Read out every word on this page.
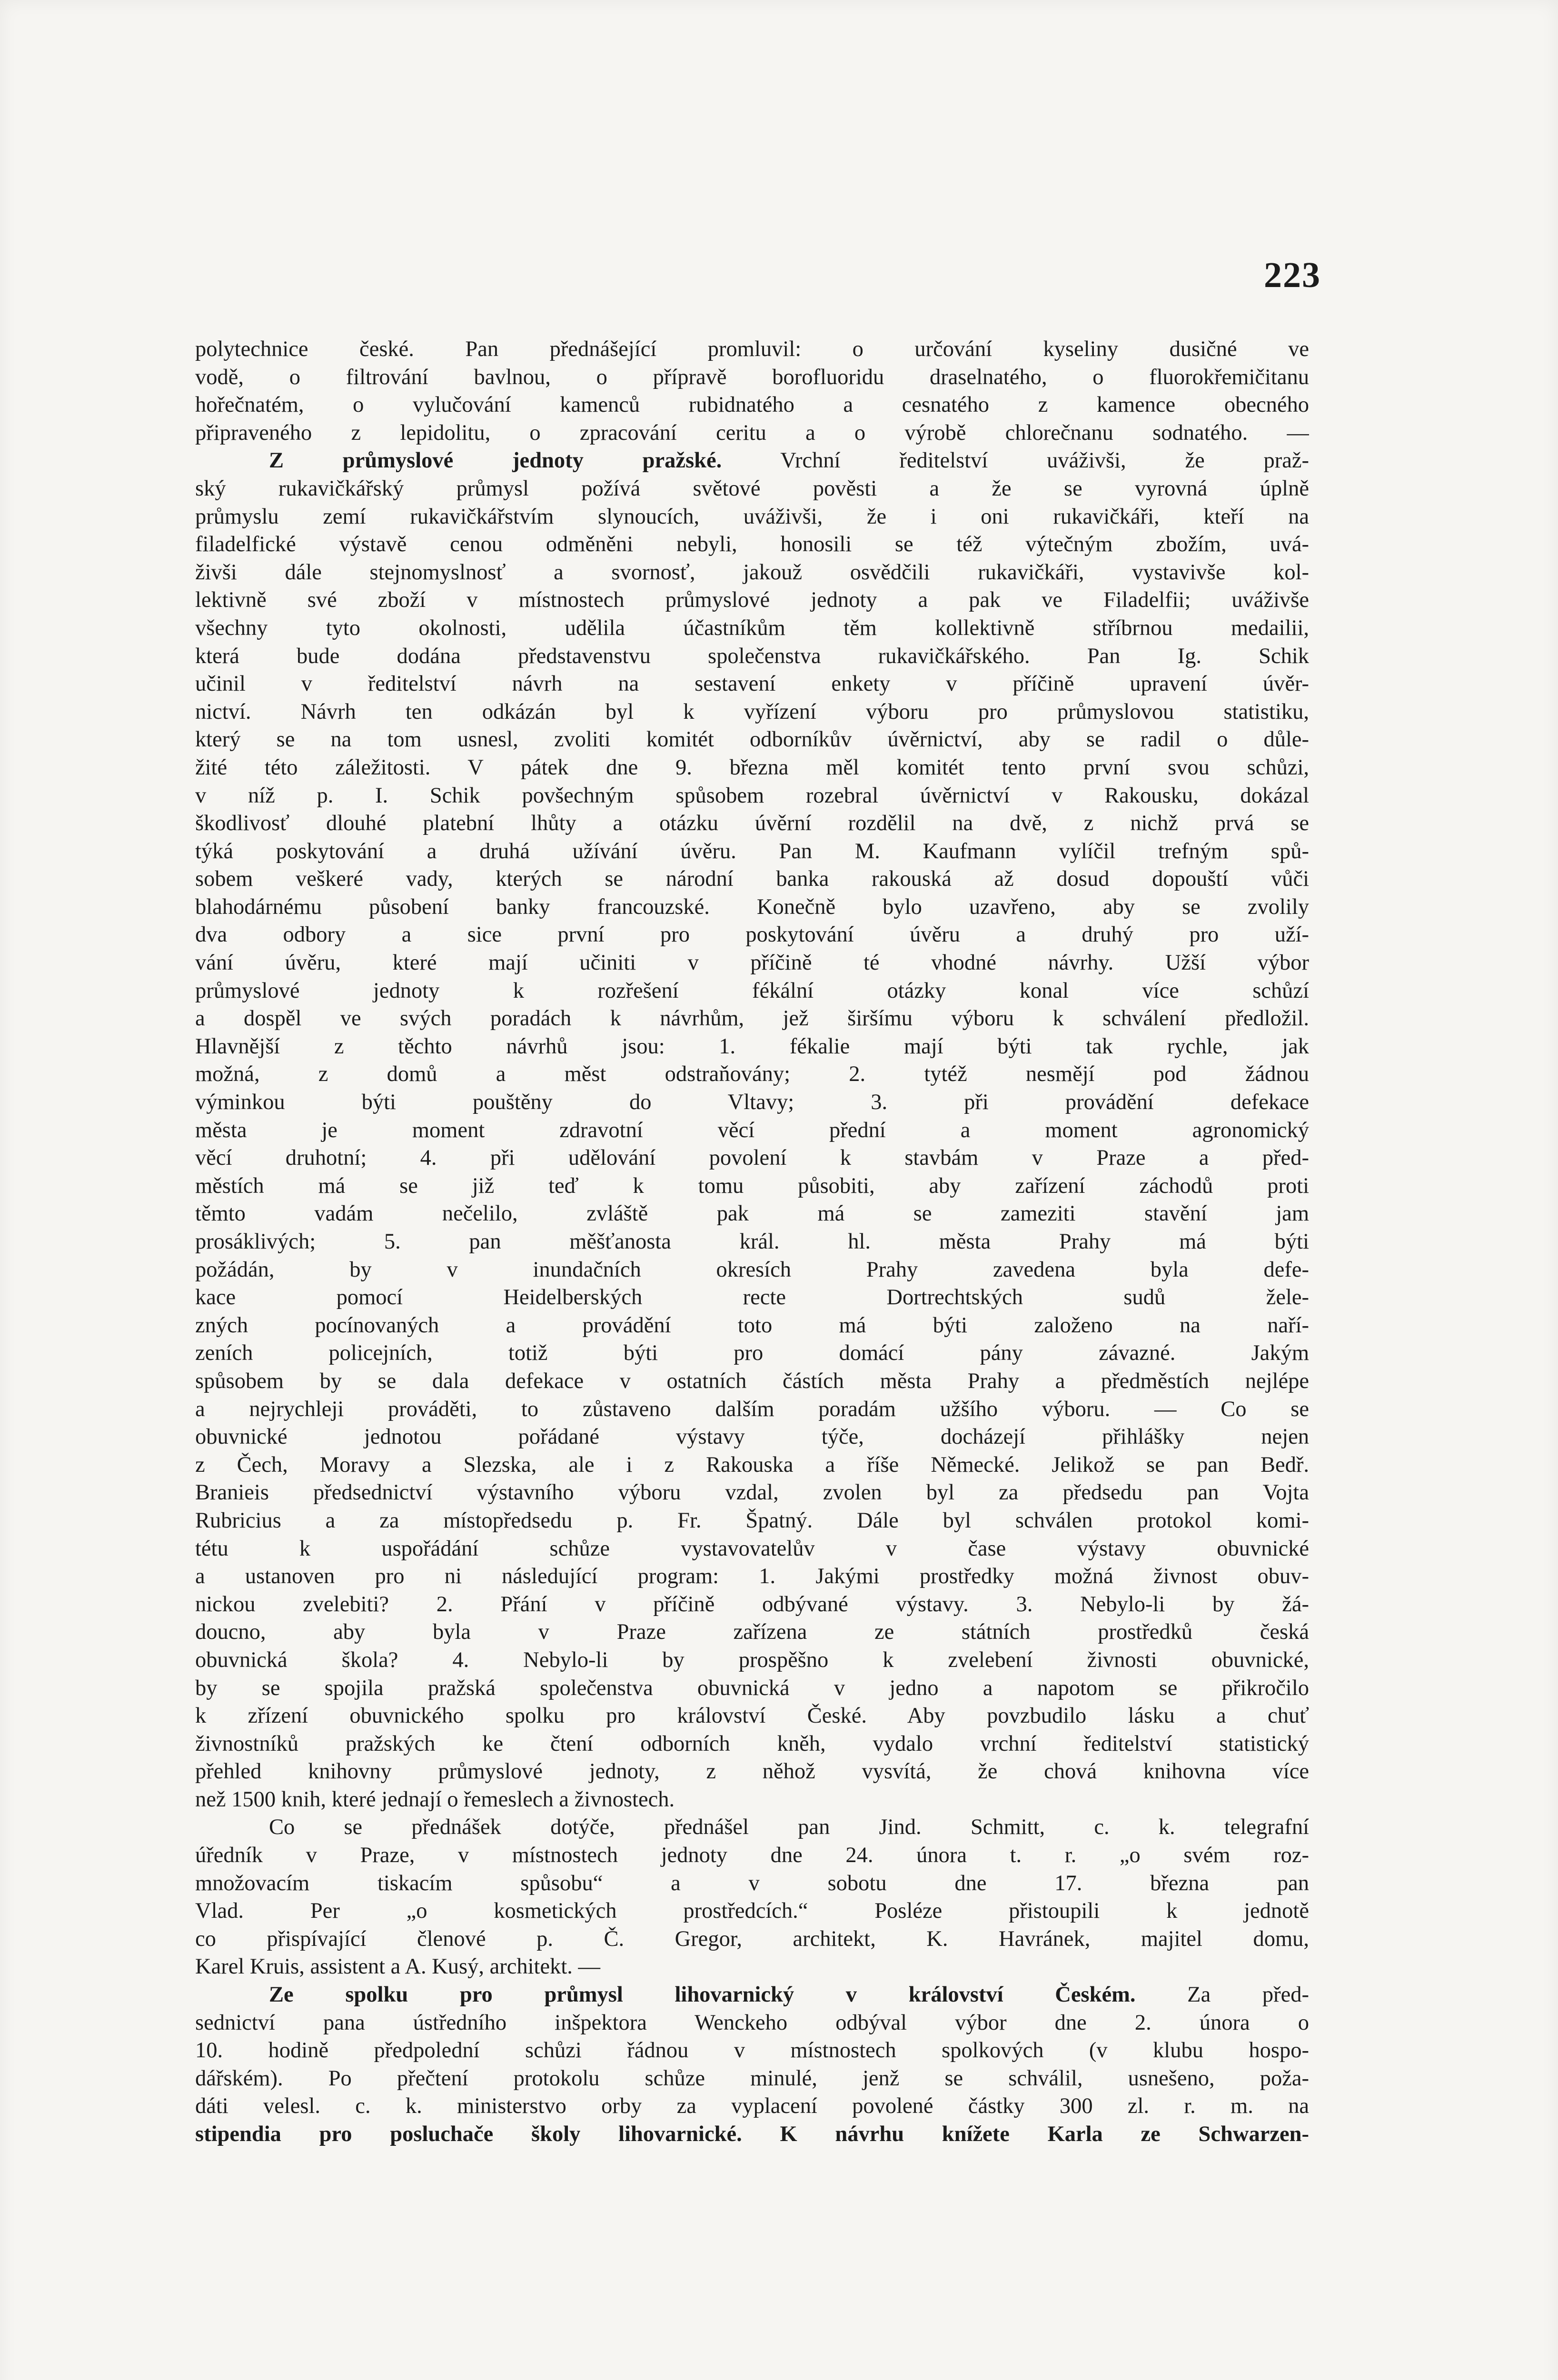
223
polytechnice české. Pan přednášející promluvil: o určování kyseliny dusičné ve
vodě, o filtrování bavlnou, o přípravě borofluoridu draselnatého, o fluorokřemičitanu
hořečnatém, o vylučování kamenců rubidnatého a cesnatého z kamence obecného
připraveného z lepidolitu, o zpracování ceritu a o výrobě chlorečnanu sodnatého. —
Z průmyslové jednoty pražské. Vrchní ředitelství uváživši, že praž-
ský rukavičkářský průmysl požívá světové pověsti a že se vyrovná úplně
průmyslu zemí rukavičkářstvím slynoucích, uváživši, že i oni rukavičkáři, kteří na
filadelfické výstavě cenou odměněni nebyli, honosili se též výtečným zbožím, uvá-
živši dále stejnomyslnosť a svornosť, jakouž osvědčili rukavičkáři, vystavivše kol-
lektivně své zboží v místnostech průmyslové jednoty a pak ve Filadelfii; uváživše
všechny tyto okolnosti, udělila účastníkům těm kollektivně stříbrnou medailii,
která bude dodána představenstvu společenstva rukavičkářského. Pan Ig. Schik
učinil v ředitelství návrh na sestavení enkety v příčině upravení úvěr-
nictví. Návrh ten odkázán byl k vyřízení výboru pro průmyslovou statistiku,
který se na tom usnesl, zvoliti komitét odborníkův úvěrnictví, aby se radil o důle-
žité této záležitosti. V pátek dne 9. března měl komitét tento první svou schůzi,
v níž p. I. Schik povšechným spůsobem rozebral úvěrnictví v Rakousku, dokázal
škodlivosť dlouhé platební lhůty a otázku úvěrní rozdělil na dvě, z nichž prvá se
týká poskytování a druhá užívání úvěru. Pan M. Kaufmann vylíčil trefným spů-
sobem veškeré vady, kterých se národní banka rakouská až dosud dopouští vůči
blahodárnému působení banky francouzské. Konečně bylo uzavřeno, aby se zvolily
dva odbory a sice první pro poskytování úvěru a druhý pro uží-
vání úvěru, které mají učiniti v příčině té vhodné návrhy. Užší výbor
průmyslové jednoty k rozřešení fékální otázky konal více schůzí
a dospěl ve svých poradách k návrhům, jež širšímu výboru k schválení předložil.
Hlavnější z těchto návrhů jsou: 1. fékalie mají býti tak rychle, jak
možná, z domů a měst odstraňovány; 2. tytéž nesmějí pod žádnou
výminkou býti pouštěny do Vltavy; 3. při provádění defekace
města je moment zdravotní věcí přední a moment agronomický
věcí druhotní; 4. při udělování povolení k stavbám v Praze a před-
městích má se již teď k tomu působiti, aby zařízení záchodů proti
těmto vadám nečelilo, zvláště pak má se zameziti stavění jam
prosáklivých; 5. pan měšťanosta král. hl. města Prahy má býti
požádán, by v inundačních okresích Prahy zavedena byla defe-
kace pomocí Heidelberských recte Dortrechtských sudů žele-
zných pocínovaných a provádění toto má býti založeno na naří-
zeních policejních, totiž býti pro domácí pány závazné. Jakým
spůsobem by se dala defekace v ostatních částích města Prahy a předměstích nejlépe
a nejrychleji prováděti, to zůstaveno dalším poradám užšího výboru. — Co se
obuvnické jednotou pořádané výstavy týče, docházejí přihlášky nejen
z Čech, Moravy a Slezska, ale i z Rakouska a říše Německé. Jelikož se pan Bedř.
Branieis předsednictví výstavního výboru vzdal, zvolen byl za předsedu pan Vojta
Rubricius a za místopředsedu p. Fr. Špatný. Dále byl schválen protokol komi-
tétu k uspořádání schůze vystavovatelův v čase výstavy obuvnické
a ustanoven pro ni následující program: 1. Jakými prostředky možná živnost obuv-
nickou zvelebiti? 2. Přání v příčině odbývané výstavy. 3. Nebylo-li by žá-
doucno, aby byla v Praze zařízena ze státních prostředků česká
obuvnická škola? 4. Nebylo-li by prospěšno k zvelebení živnosti obuvnické,
by se spojila pražská společenstva obuvnická v jedno a napotom se přikročilo
k zřízení obuvnického spolku pro království České. Aby povzbudilo lásku a chuť
živnostníků pražských ke čtení odborních kněh, vydalo vrchní ředitelství statistický
přehled knihovny průmyslové jednoty, z něhož vysvítá, že chová knihovna více
než 1500 knih, které jednají o řemeslech a živnostech.
Co se přednášek dotýče, přednášel pan Jind. Schmitt, c. k. telegrafní
úředník v Praze, v místnostech jednoty dne 24. února t. r. „o svém roz-
množovacím tiskacím spůsobu“ a v sobotu dne 17. března pan
Vlad. Per „o kosmetických prostředcích.“ Posléze přistoupili k jednotě
co přispívající členové p. Č. Gregor, architekt, K. Havránek, majitel domu,
Karel Kruis, assistent a A. Kusý, architekt. —
Ze spolku pro průmysl lihovarnický v království Českém. Za před-
sednictví pana ústředního inšpektora Wenckeho odbýval výbor dne 2. února o
10. hodině předpolední schůzi řádnou v místnostech spolkových (v klubu hospo-
dářském). Po přečtení protokolu schůze minulé, jenž se schválil, usnešeno, poža-
dáti velesl. c. k. ministerstvo orby za vyplacení povolené částky 300 zl. r. m. na
stipendia pro posluchače školy lihovarnické. K návrhu knížete Karla ze Schwarzen-
